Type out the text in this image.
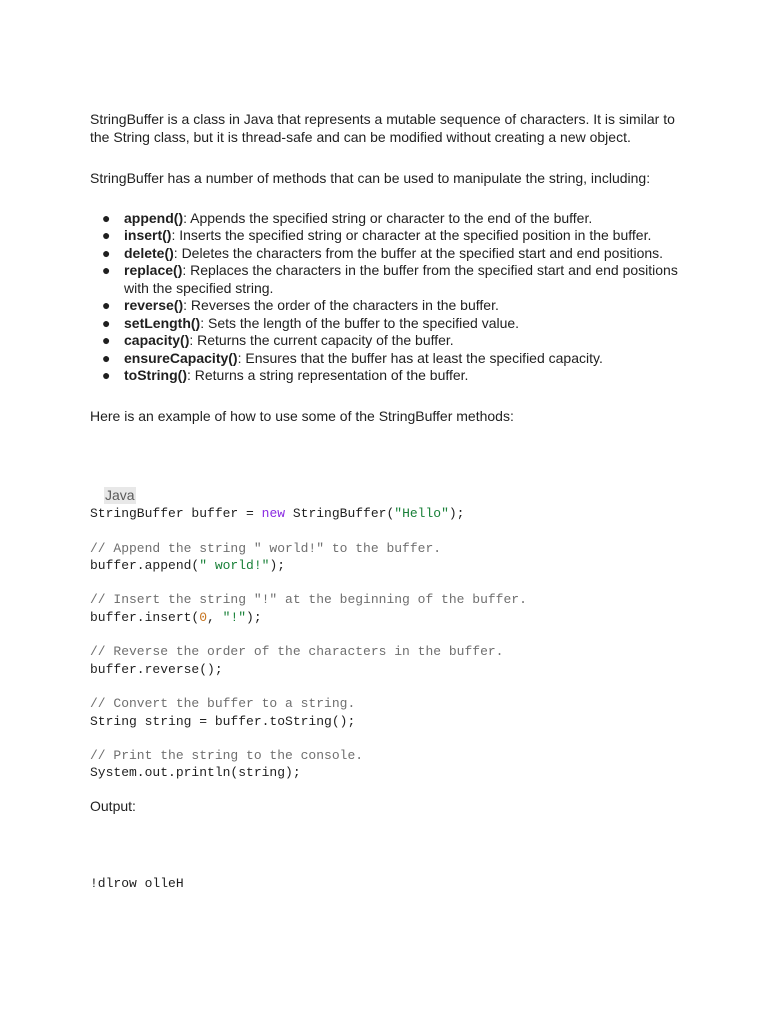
StringBuffer is a class in Java that represents a mutable sequence of characters. It is similar to the String class, but it is thread-safe and can be modified without creating a new object.

StringBuffer has a number of methods that can be used to manipulate the string, including:

● append(): Appends the specified string or character to the end of the buffer.
● insert(): Inserts the specified string or character at the specified position in the buffer.
● delete(): Deletes the characters from the buffer at the specified start and end positions.
● replace(): Replaces the characters in the buffer from the specified start and end positions with the specified string.
● reverse(): Reverses the order of the characters in the buffer.
● setLength(): Sets the length of the buffer to the specified value.
● capacity(): Returns the current capacity of the buffer.
● ensureCapacity(): Ensures that the buffer has at least the specified capacity.
● toString(): Returns a string representation of the buffer.

Here is an example of how to use some of the StringBuffer methods:

Java
StringBuffer buffer = new StringBuffer("Hello");
// Append the string " world!" to the buffer.
buffer.append(" world!");
// Insert the string "!" at the beginning of the buffer.
buffer.insert(0, "!");
// Reverse the order of the characters in the buffer.
buffer.reverse();
// Convert the buffer to a string.
String string = buffer.toString();
// Print the string to the console.
System.out.println(string);

Output:

!dlrow olleH
